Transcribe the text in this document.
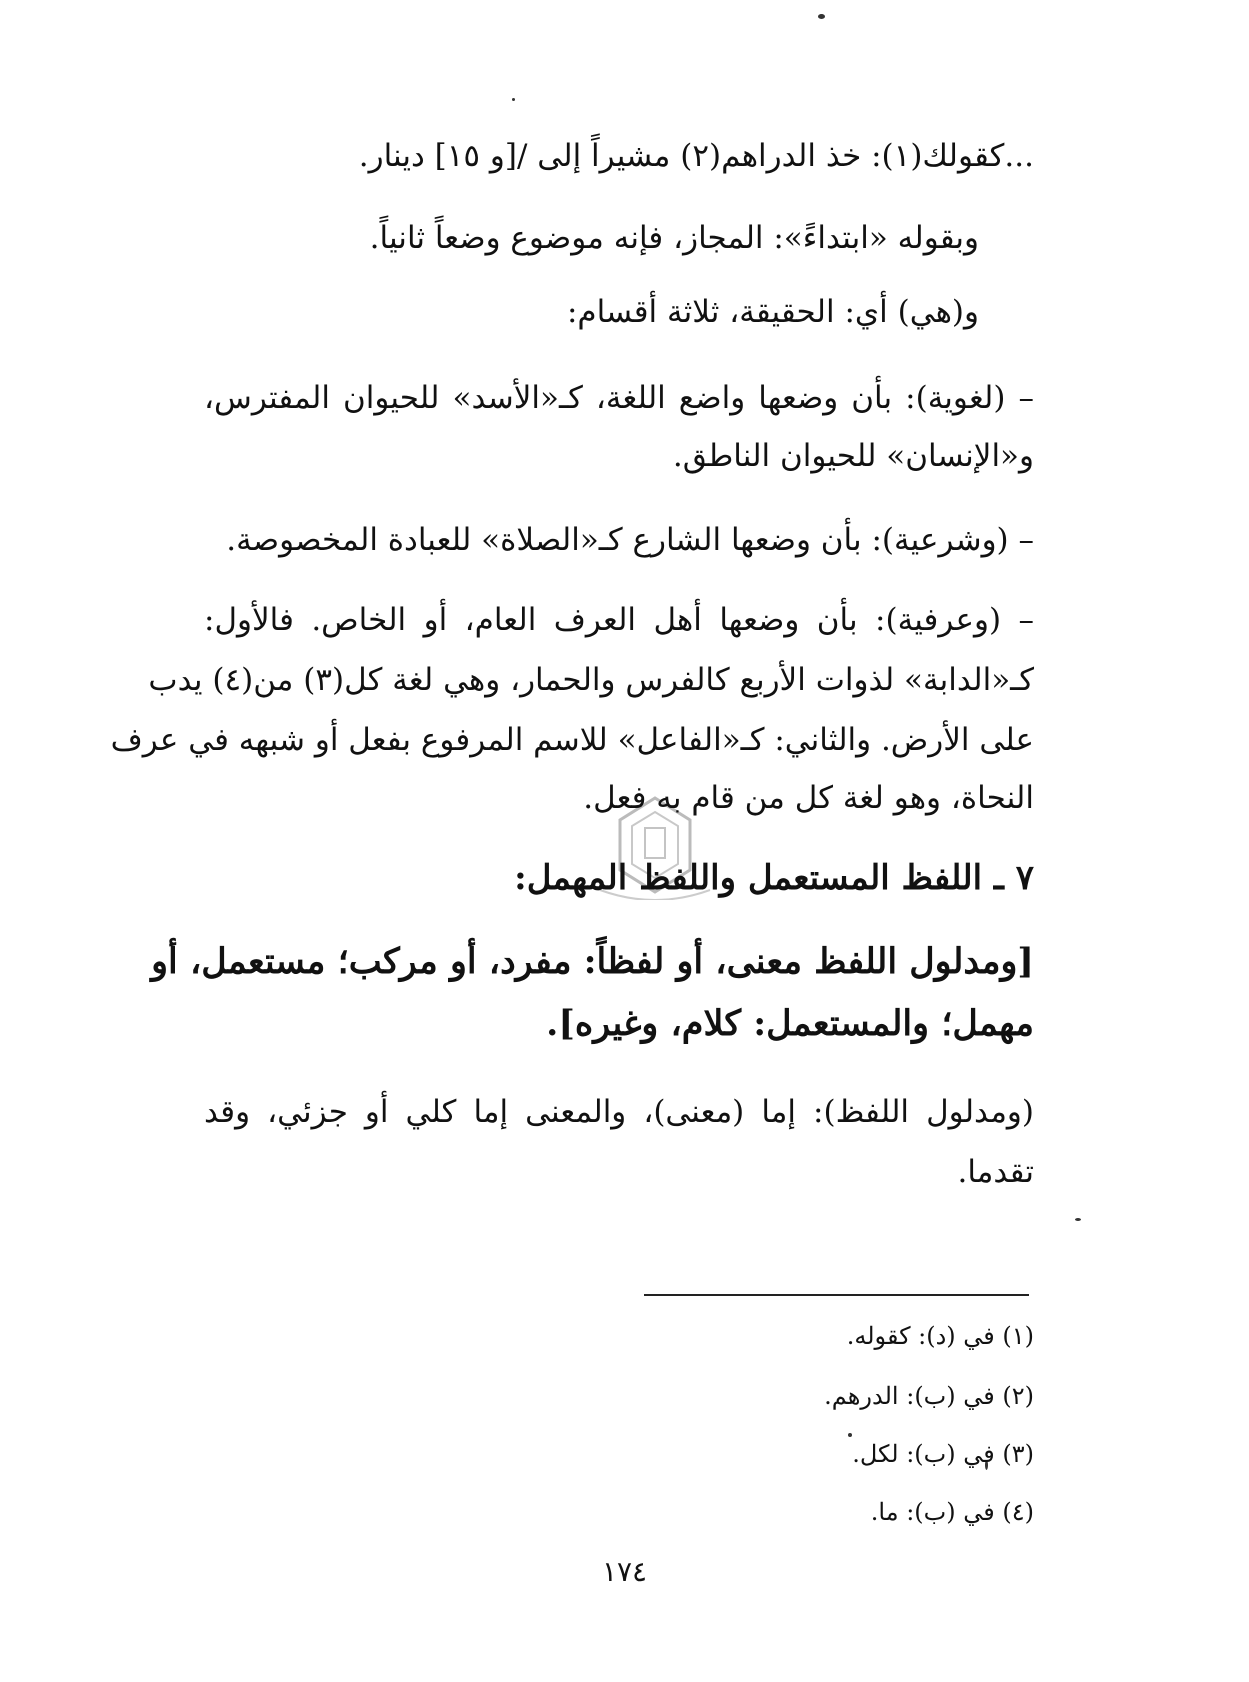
...كقولك(١): خذ الدراهم(٢) مشيراً إلى /[و ١٥] دينار.
وبقوله «ابتداءً»: المجاز، فإنه موضوع وضعاً ثانياً.
و(هي) أي: الحقيقة، ثلاثة أقسام:
– (لغوية): بأن وضعها واضع اللغة، كـ«الأسد» للحيوان المفترس،
و«الإنسان» للحيوان الناطق.
– (وشرعية): بأن وضعها الشارع كـ«الصلاة» للعبادة المخصوصة.
– (وعرفية): بأن وضعها أهل العرف العام، أو الخاص. فالأول:
كـ«الدابة» لذوات الأربع كالفرس والحمار، وهي لغة كل(٣) من(٤) يدب
على الأرض. والثاني: كـ«الفاعل» للاسم المرفوع بفعل أو شبهه في عرف
النحاة، وهو لغة كل من قام به فعل.
٧ ـ اللفظ المستعمل واللفظ المهمل:
[ومدلول اللفظ معنى، أو لفظاً: مفرد، أو مركب؛ مستعمل، أو
مهمل؛ والمستعمل: كلام، وغيره].
(ومدلول اللفظ): إما (معنى)، والمعنى إما كلي أو جزئي، وقد
تقدما.
(١) في (د): كقوله.
(٢) في (ب): الدرهم.
(٣) في (ب): لكل.
(٤) في (ب): ما.
١٧٤
